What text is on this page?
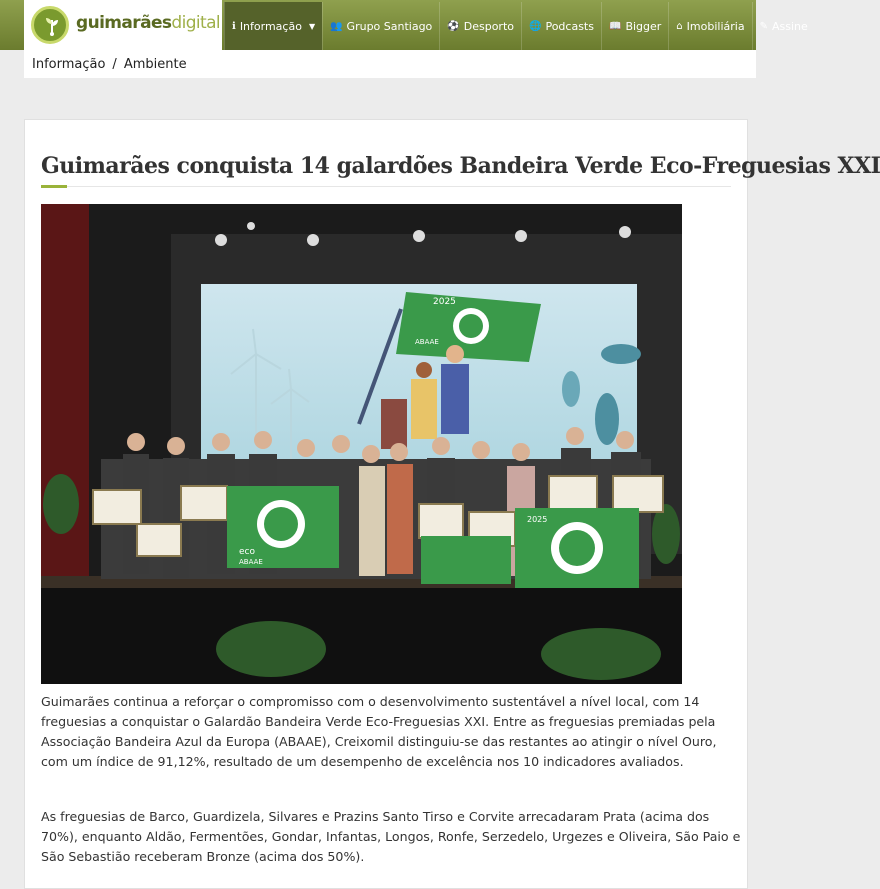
guimarãesdigital ℹ Informação ▼ 👥 Grupo Santiago ⚽ Desporto 🌐 Podcasts 📖 Bigger ⌂ Imobiliária ✎ Assine
Informação / Ambiente
Guimarães conquista 14 galardões Bandeira Verde Eco-Freguesias XXI
2025
ABAAE
eco
ABAAE
2025

Guimarães continua a reforçar o compromisso com o desenvolvimento sustentável a nível local, com 14 freguesias a conquistar o Galardão Bandeira Verde Eco-Freguesias XXI. Entre as freguesias premiadas pela Associação Bandeira Azul da Europa (ABAAE), Creixomil distinguiu-se das restantes ao atingir o nível Ouro, com um índice de 91,12%, resultado de um desempenho de excelência nos 10 indicadores avaliados.

As freguesias de Barco, Guardizela, Silvares e Prazins Santo Tirso e Corvite arrecadaram Prata (acima dos 70%), enquanto Aldão, Fermentões, Gondar, Infantas, Longos, Ronfe, Serzedelo, Urgezes e Oliveira, São Paio e São Sebastião receberam Bronze (acima dos 50%).
